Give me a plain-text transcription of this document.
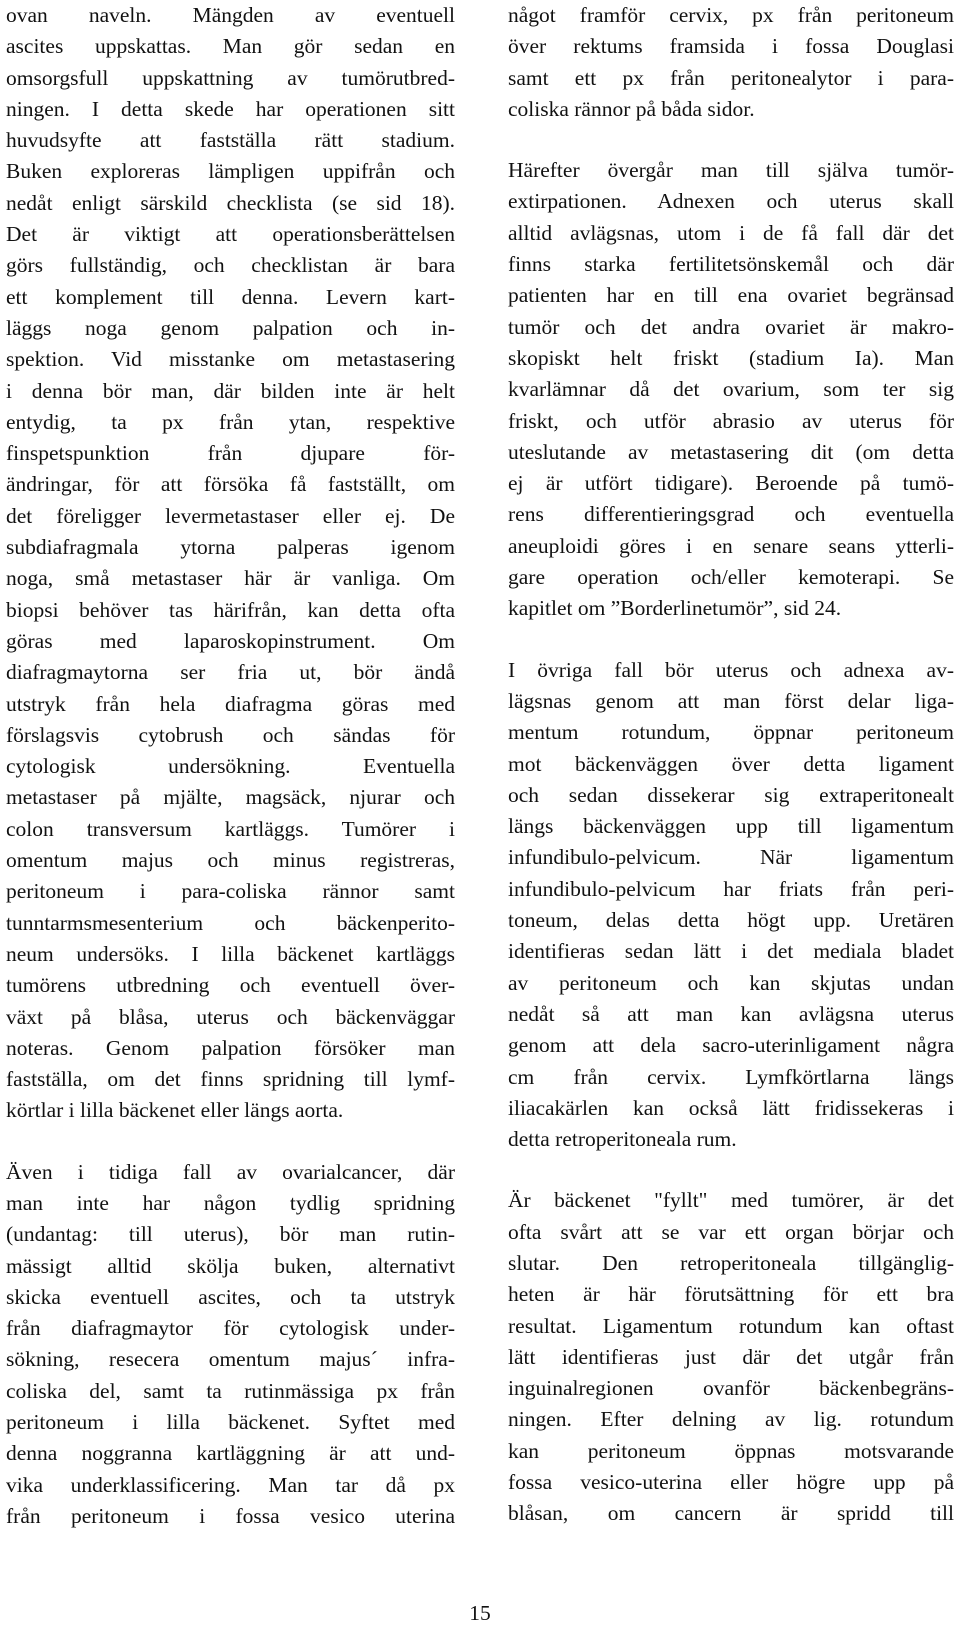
ovan naveln. Mängden av eventuell
ascites uppskattas. Man gör sedan en
omsorgsfull uppskattning av tumörutbred-
ningen. I detta skede har operationen sitt
huvudsyfte att fastställa rätt stadium.
Buken exploreras lämpligen uppifrån och
nedåt enligt särskild checklista (se sid 18).
Det är viktigt att operationsberättelsen
görs fullständig, och checklistan är bara
ett komplement till denna. Levern kart-
läggs noga genom palpation och in-
spektion. Vid misstanke om metastasering
i denna bör man, där bilden inte är helt
entydig, ta px från ytan, respektive
finspetspunktion från djupare för-
ändringar, för att försöka få fastställt, om
det föreligger levermetastaser eller ej. De
subdiafragmala ytorna palperas igenom
noga, små metastaser här är vanliga. Om
biopsi behöver tas härifrån, kan detta ofta
göras med laparoskopinstrument. Om
diafragmaytorna ser fria ut, bör ändå
utstryk från hela diafragma göras med
förslagsvis cytobrush och sändas för
cytologisk undersökning. Eventuella
metastaser på mjälte, magsäck, njurar och
colon transversum kartläggs. Tumörer i
omentum majus och minus registreras,
peritoneum i para-coliska rännor samt
tunntarmsmesenterium och bäckenperito-
neum undersöks. I lilla bäckenet kartläggs
tumörens utbredning och eventuell över-
växt på blåsa, uterus och bäckenväggar
noteras. Genom palpation försöker man
fastställa, om det finns spridning till lymf-
körtlar i lilla bäckenet eller längs aorta.
Även i tidiga fall av ovarialcancer, där
man inte har någon tydlig spridning
(undantag: till uterus), bör man rutin-
mässigt alltid skölja buken, alternativt
skicka eventuell ascites, och ta utstryk
från diafragmaytor för cytologisk under-
sökning, resecera omentum majus´ infra-
coliska del, samt ta rutinmässiga px från
peritoneum i lilla bäckenet. Syftet med
denna noggranna kartläggning är att und-
vika underklassificering. Man tar då px
från peritoneum i fossa vesico uterina
något framför cervix, px från peritoneum
över rektums framsida i fossa Douglasi
samt ett px från peritonealytor i para-
coliska rännor på båda sidor.
Härefter övergår man till själva tumör-
extirpationen. Adnexen och uterus skall
alltid avlägsnas, utom i de få fall där det
finns starka fertilitetsönskemål och där
patienten har en till ena ovariet begränsad
tumör och det andra ovariet är makro-
skopiskt helt friskt (stadium Ia). Man
kvarlämnar då det ovarium, som ter sig
friskt, och utför abrasio av uterus för
uteslutande av metastasering dit (om detta
ej är utfört tidigare). Beroende på tumö-
rens differentieringsgrad och eventuella
aneuploidi göres i en senare seans ytterli-
gare operation och/eller kemoterapi. Se
kapitlet om ”Borderlinetumör”, sid 24.
I övriga fall bör uterus och adnexa av-
lägsnas genom att man först delar liga-
mentum rotundum, öppnar peritoneum
mot bäckenväggen över detta ligament
och sedan dissekerar sig extraperitonealt
längs bäckenväggen upp till ligamentum
infundibulo-pelvicum. När ligamentum
infundibulo-pelvicum har friats från peri-
toneum, delas detta högt upp. Uretären
identifieras sedan lätt i det mediala bladet
av peritoneum och kan skjutas undan
nedåt så att man kan avlägsna uterus
genom att dela sacro-uterinligament några
cm från cervix. Lymfkörtlarna längs
iliacakärlen kan också lätt fridissekeras i
detta retroperitoneala rum.
Är bäckenet "fyllt" med tumörer, är det
ofta svårt att se var ett organ börjar och
slutar. Den retroperitoneala tillgänglig-
heten är här förutsättning för ett bra
resultat. Ligamentum rotundum kan oftast
lätt identifieras just där det utgår från
inguinalregionen ovanför bäckenbegräns-
ningen. Efter delning av lig. rotundum
kan peritoneum öppnas motsvarande
fossa vesico-uterina eller högre upp på
blåsan, om cancern är spridd till
15
